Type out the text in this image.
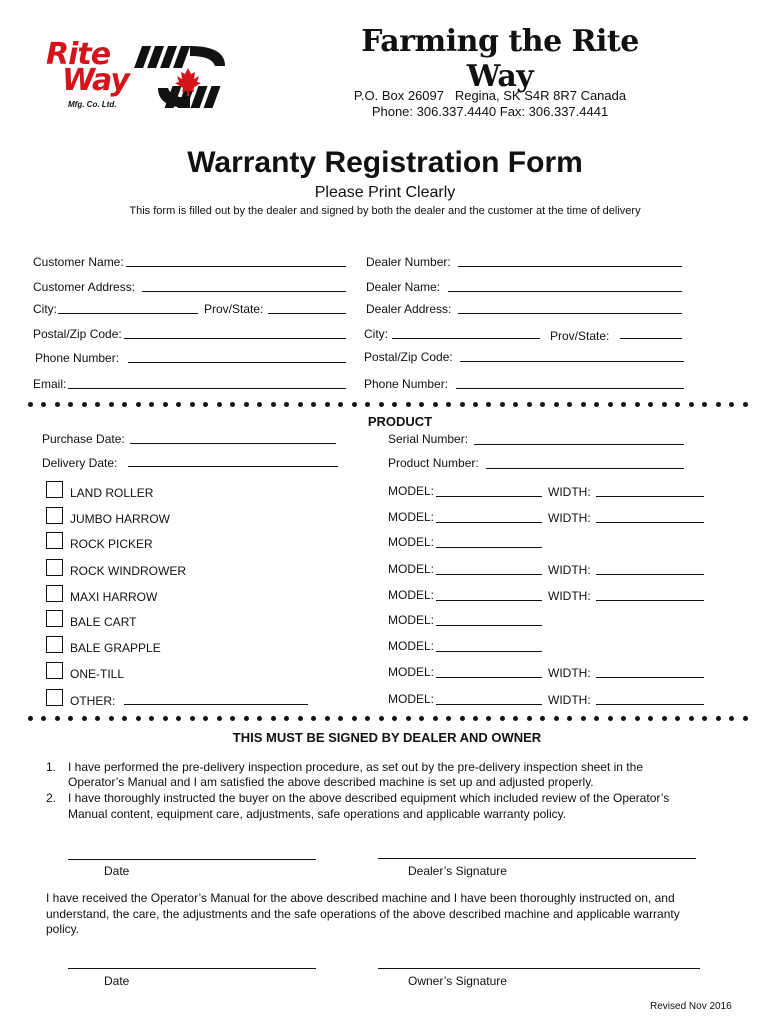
Rite
Way
Mfg. Co. Ltd.
Farming the Rite Way
P.O. Box 26097   Regina, SK S4R 8R7 Canada
Phone: 306.337.4440 Fax: 306.337.4441
Warranty Registration Form
Please Print Clearly
This form is filled out by the dealer and signed by both the dealer and the customer at the time of delivery
Customer Name:
Customer Address:
City:	Prov/State:
Postal/Zip Code:
Phone Number:
Email:
Dealer Number:
Dealer Name:
Dealer Address:
City:	Prov/State:
Postal/Zip Code:
Phone Number:
PRODUCT
Purchase Date:
Delivery Date:
Serial Number:
Product Number:
LAND ROLLER	MODEL:	WIDTH:
JUMBO HARROW	MODEL:	WIDTH:
ROCK PICKER	MODEL:
ROCK WINDROWER	MODEL:	WIDTH:
MAXI HARROW	MODEL:	WIDTH:
BALE CART	MODEL:
BALE GRAPPLE	MODEL:
ONE-TILL	MODEL:	WIDTH:
OTHER:	MODEL:	WIDTH:
THIS MUST BE SIGNED BY DEALER AND OWNER
1. I have performed the pre-delivery inspection procedure, as set out by the pre-delivery inspection sheet in the
Operator’s Manual and I am satisfied the above described machine is set up and adjusted properly.
2. I have thoroughly instructed the buyer on the above described equipment which included review of the Operator’s
Manual content, equipment care, adjustments, safe operations and applicable warranty policy.
Date	Dealer’s Signature
I have received the Operator’s Manual for the above described machine and I have been thoroughly instructed on, and
understand, the care, the adjustments and the safe operations of the above described machine and applicable warranty
policy.
Date	Owner’s Signature
Revised Nov 2016
